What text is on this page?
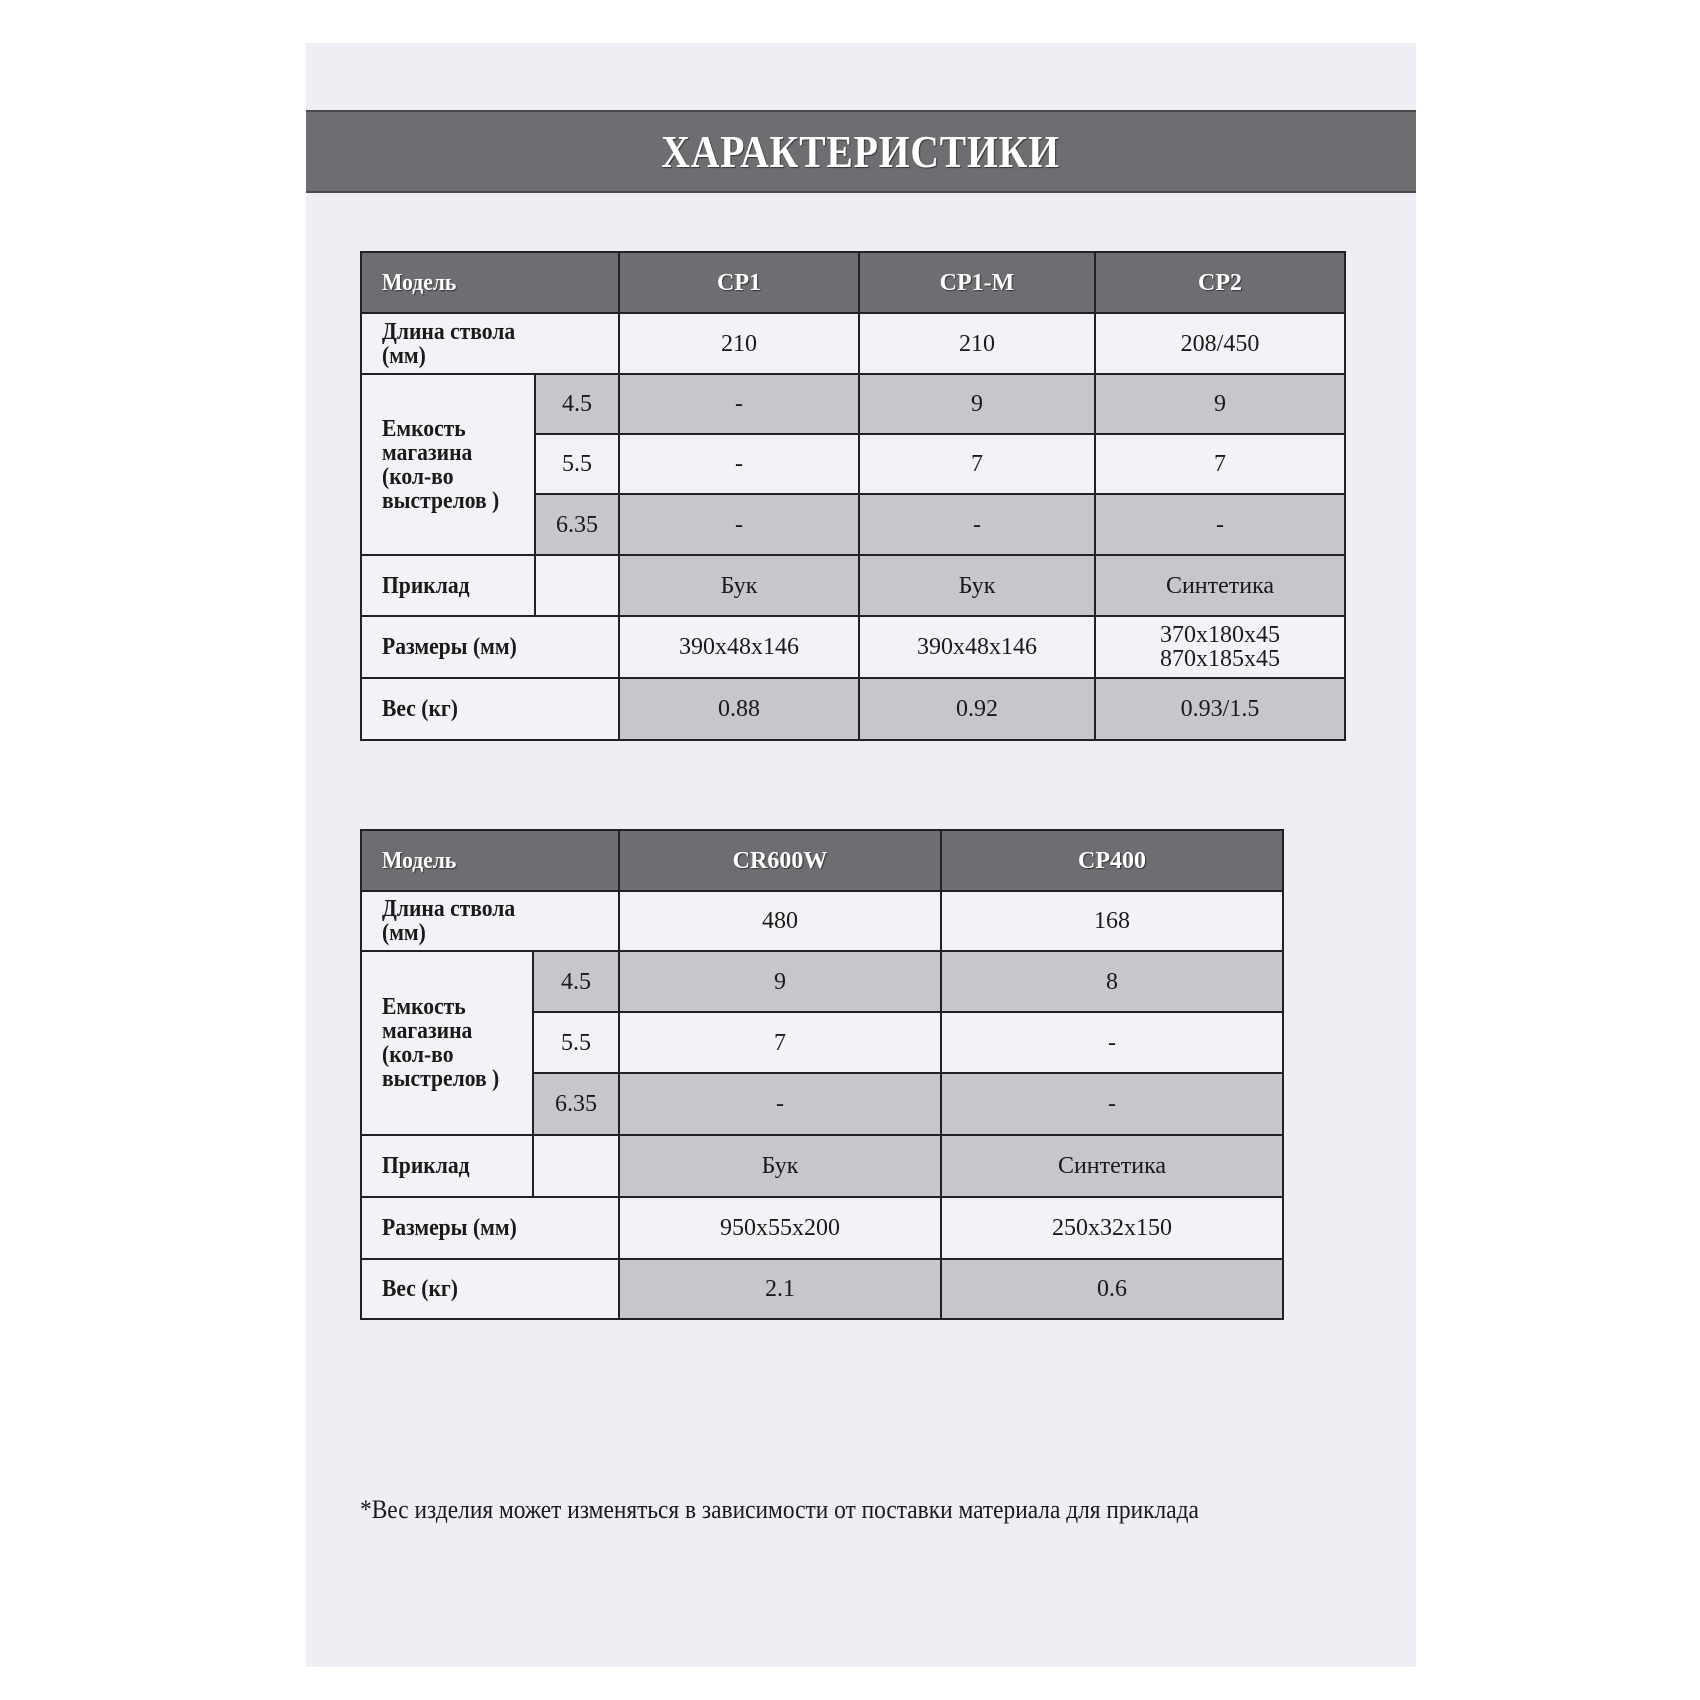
ХАРАКТЕРИСТИКИ
Модель		CP1	CP1-M	CP2
Длина ствола (мм)		210	210	208/450
Емкость магазина (кол-во выстрелов )	4.5	-	9	9
	5.5	-	7	7
	6.35	-	-	-
Приклад		Бук	Бук	Синтетика
Размеры (мм)		390x48x146	390x48x146	370x180x45
870x185x45
Вес (кг)		0.88	0.92	0.93/1.5
Модель		CR600W	CP400
Длина ствола (мм)		480	168
Емкость магазина (кол-во выстрелов )	4.5	9	8
	5.5	7	-
	6.35	-	-
Приклад		Бук	Синтетика
Размеры (мм)		950x55x200	250x32x150
Вес (кг)		2.1	0.6
*Вес изделия может изменяться в зависимости от поставки материала для приклада
